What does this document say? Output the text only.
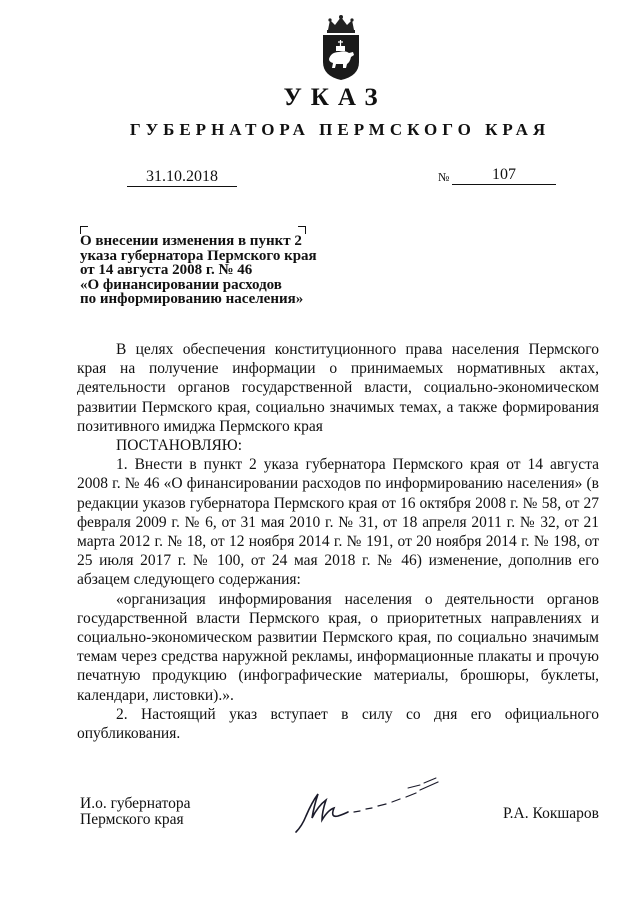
УКАЗ
ГУБЕРНАТОРА ПЕРМСКОГО КРАЯ
31.10.2018	№	107
О внесении изменения в пункт 2
указа губернатора Пермского края
от 14 августа 2008 г. № 46
«О финансировании расходов
по информированию населения»

В целях обеспечения конституционного права населения Пермского края на получение информации о принимаемых нормативных актах, деятельности органов государственной власти, социально-экономическом развитии Пермского края, социально значимых темах, а также формирования позитивного имиджа Пермского края

ПОСТАНОВЛЯЮ:

1. Внести в пункт 2 указа губернатора Пермского края от 14 августа 2008 г. № 46 «О финансировании расходов по информированию населения» (в редакции указов губернатора Пермского края от 16 октября 2008 г. № 58, от 27 февраля 2009 г. № 6, от 31 мая 2010 г. № 31, от 18 апреля 2011 г. № 32, от 21 марта 2012 г. № 18, от 12 ноября 2014 г. № 191, от 20 ноября 2014 г. № 198, от 25 июля 2017 г. № 100, от 24 мая 2018 г. № 46) изменение, дополнив его абзацем следующего содержания:

«организация информирования населения о деятельности органов государственной власти Пермского края, о приоритетных направлениях и социально-экономическом развитии Пермского края, по социально значимым темам через средства наружной рекламы, информационные плакаты и прочую печатную продукцию (инфографические материалы, брошюры, буклеты, календари, листовки).».

2. Настоящий указ вступает в силу со дня его официального опубликования.

И.о. губернатора
Пермского края	Р.А. Кокшаров
